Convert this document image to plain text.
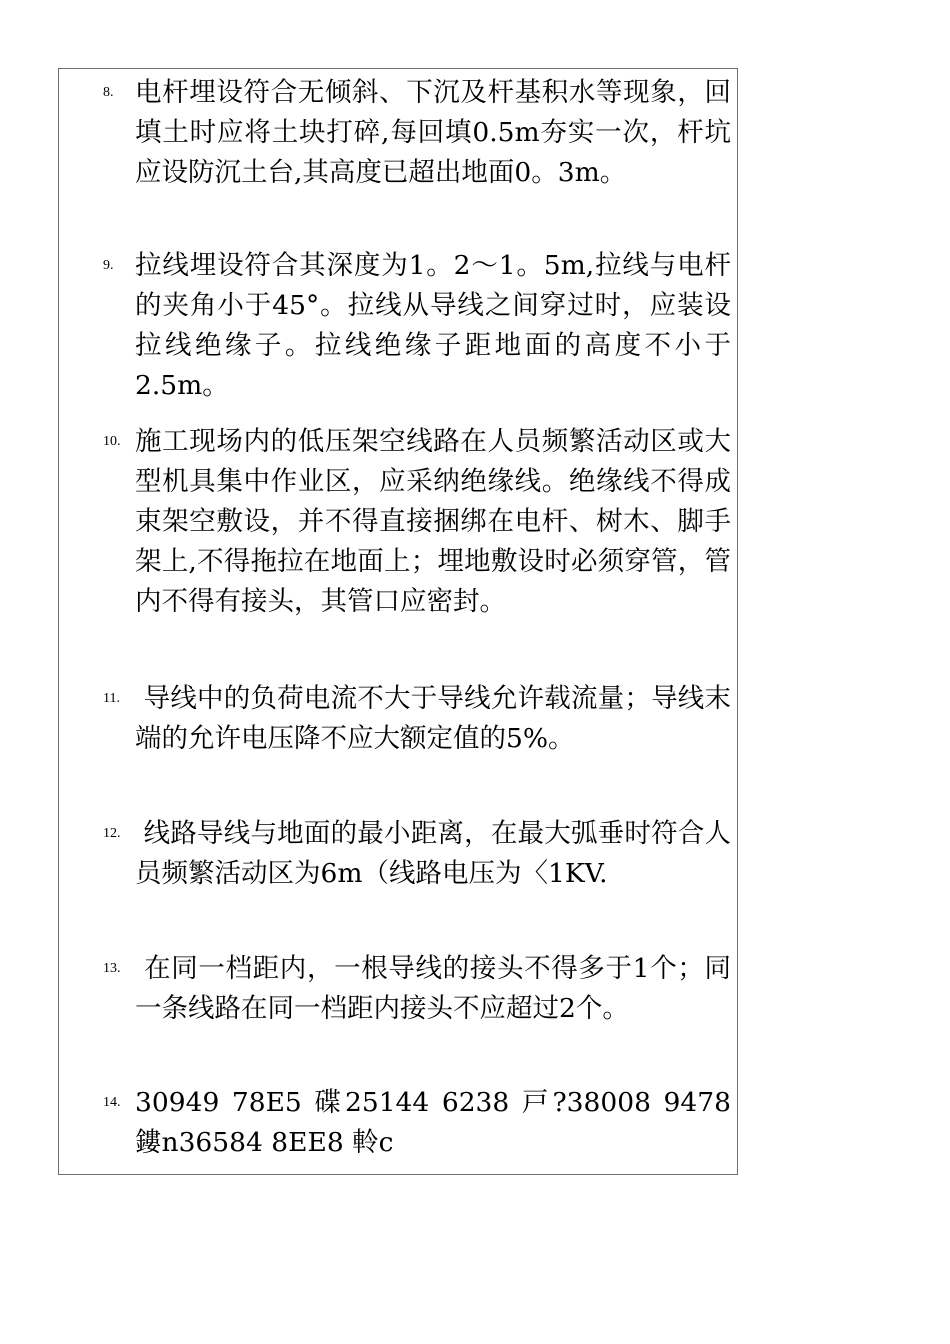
8. 电杆埋设符合无倾斜、下沉及杆基积水等现象，回填土时应将土块打碎,每回填0.5m夯实一次，杆坑应设防沉土台,其高度已超出地面0。3m。
9. 拉线埋设符合其深度为1。2～1。5m,拉线与电杆的夹角小于45°。拉线从导线之间穿过时，应装设拉线绝缘子。拉线绝缘子距地面的高度不小于2.5m。
10. 施工现场内的低压架空线路在人员频繁活动区或大型机具集中作业区，应采纳绝缘线。绝缘线不得成束架空敷设，并不得直接捆绑在电杆、树木、脚手架上,不得拖拉在地面上；埋地敷设时必须穿管，管内不得有接头，其管口应密封。
11. 导线中的负荷电流不大于导线允许载流量；导线末端的允许电压降不应大额定值的5%。
12. 线路导线与地面的最小距离，在最大弧垂时符合人员频繁活动区为6m（线路电压为〈1KV.
13. 在同一档距内，一根导线的接头不得多于1个；同一条线路在同一档距内接头不应超过2个。
14. 30949 78E5 碟25144 6238 戸?38008 9478 鏤n36584 8EE8 軨c
